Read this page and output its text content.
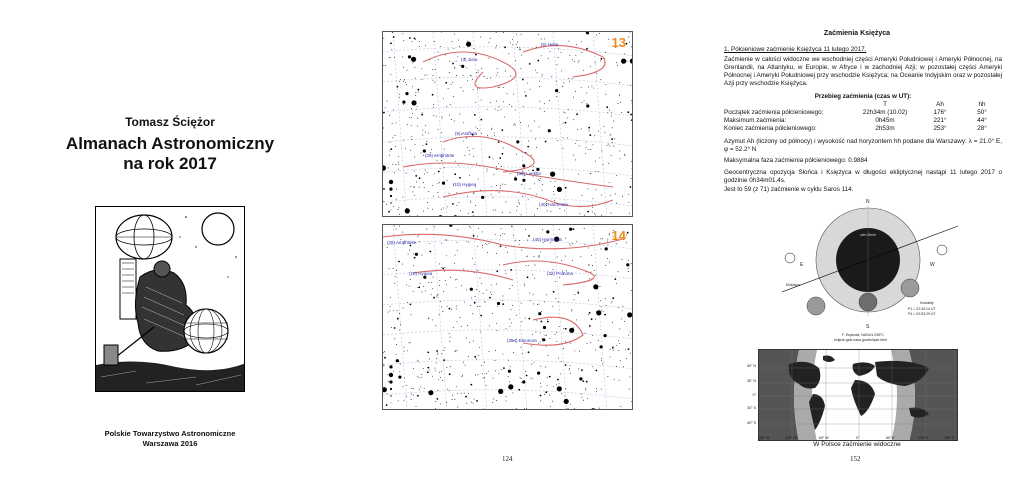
Tomasz Ściężor
Almanach Astronomiczny
na rok 2017
Polskie Towarzystwo Astronomiczne
Warszawa 2016
13
(3) Juno
(6) Hebe
(5) Astraea
(29) Amphitrite
(10) Hygiea
(39) Laetitia
(40) Harmonia
14
(29) Amphitrite
(40) Harmonia
(10) Hygiea	(32) Pomona
(354) Eleonora
124
Zaćmienia Księżyca
1. Półcieniowe zaćmienie Księżyca 11 lutego 2017.
Zaćmienie w całości widoczne we wschodniej części Ameryki Południowej i Ameryki Północnej, na Grenlandii, na Atlantyku, w Europie, w Afryce i w zachodniej Azji; w pozostałej części Ameryki Północnej i Ameryki Południowej przy wschodzie Księżyca; na Oceanie Indyjskim oraz w pozostałej Azji przy wschodzie Księżyca.
Przebieg zaćmienia (czas w UT):
	T	Ah	hh
Początek zaćmienia półcieniowego:	22h34m (10.02)	176°	50°
Maksimum zaćmienia:	0h45m	221°	44°
Koniec zaćmienia półcieniowego:	2h53m	253°	28°
Azymut Ah (liczony od północy) i wysokość nad horyzontem hh podane dla Warszawy: λ = 21.0° E, φ = 52.2° N
Maksymalna faza zaćmienia półcieniowego: 0.9884
Geocentryczna opozycja Słońca i Księżyca w długości ekliptycznej nastąpi 11 lutego 2017 o godzinie 0h34m01.4s.
Jest to 59 (z 71) zaćmienie w cyklu Saros 114.
N
cień Ziemi
Ekliptyka
E	W
S
Kontakty
P1 = 22:34:14 UT
P4 = 02:53:29 UT
F. Espenak, NASA's GSFC
eclipse.gsfc.nasa.gov/eclipse.html
60° N
30° N
0°
30° S
60° S
180° W	120° W	60° W	0°	60° E	120° E	180° E
W Polsce zaćmienie widoczne
152
